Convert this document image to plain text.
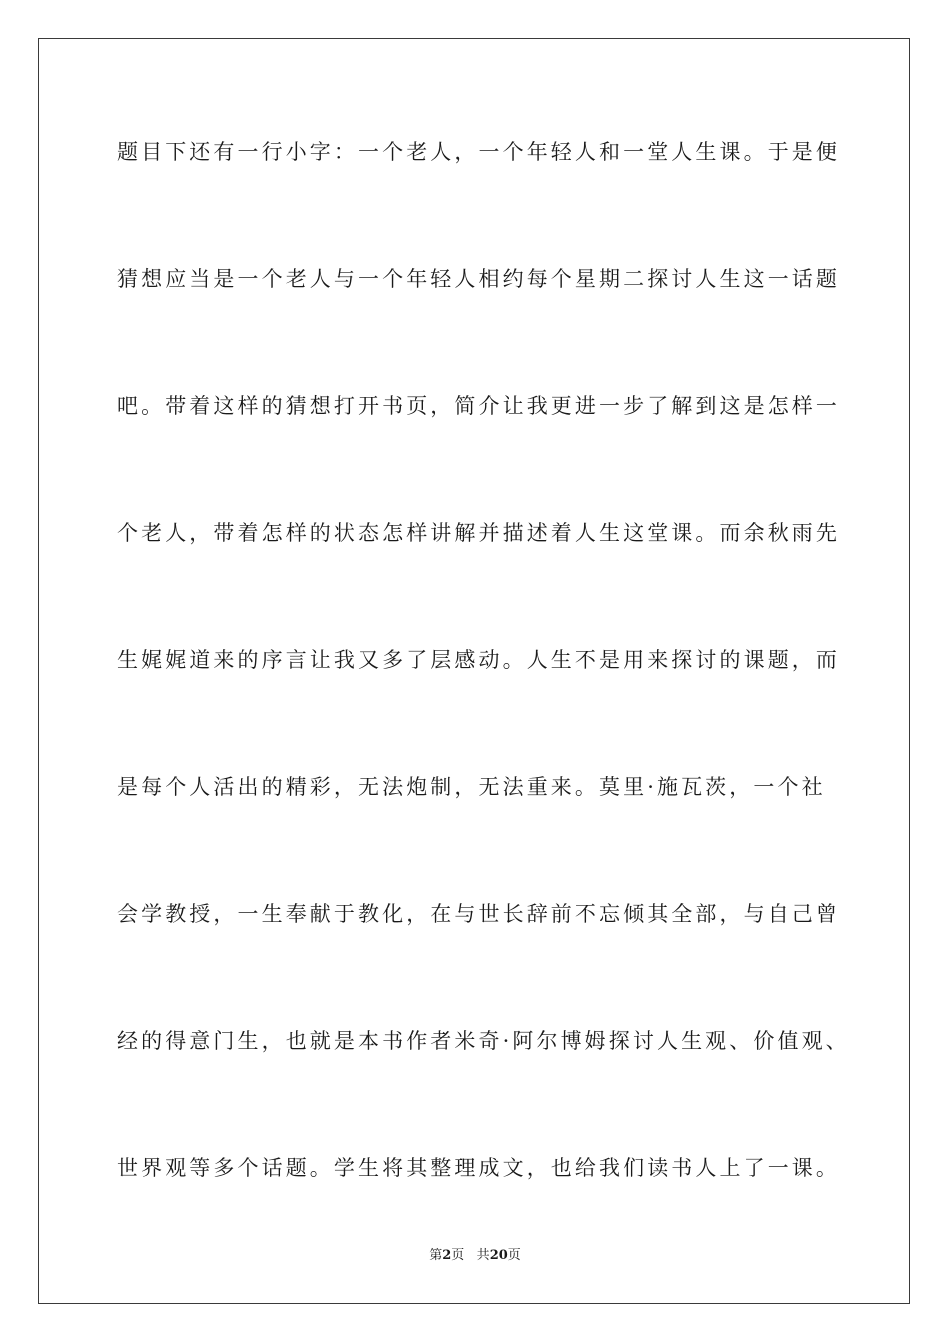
题目下还有一行小字：一个老人，一个年轻人和一堂人生课。于是便
猜想应当是一个老人与一个年轻人相约每个星期二探讨人生这一话题
吧。带着这样的猜想打开书页，简介让我更进一步了解到这是怎样一
个老人，带着怎样的状态怎样讲解并描述着人生这堂课。而余秋雨先
生娓娓道来的序言让我又多了层感动。人生不是用来探讨的课题，而
是每个人活出的精彩，无法炮制，无法重来。莫里·施瓦茨，一个社
会学教授，一生奉献于教化，在与世长辞前不忘倾其全部，与自己曾
经的得意门生，也就是本书作者米奇·阿尔博姆探讨人生观、价值观、
世界观等多个话题。学生将其整理成文，也给我们读书人上了一课。
第2页 共20页
